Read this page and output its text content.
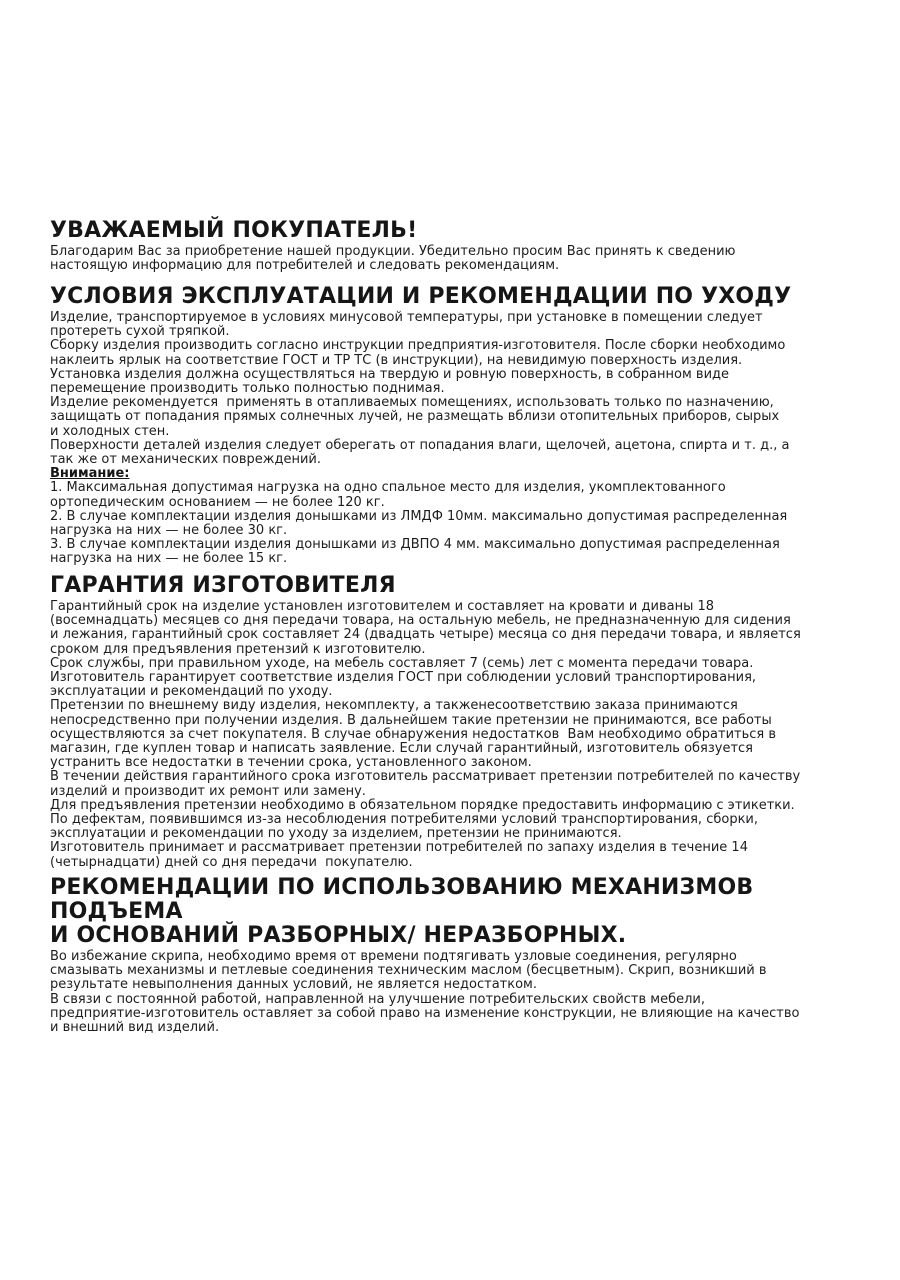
УВАЖАЕМЫЙ ПОКУПАТЕЛЬ!

Благодарим Вас за приобретение нашей продукции. Убедительно просим Вас принять к сведению
настоящую информацию для потребителей и следовать рекомендациям.

УСЛОВИЯ ЭКСПЛУАТАЦИИ И РЕКОМЕНДАЦИИ ПО УХОДУ

Изделие, транспортируемое в условиях минусовой температуры, при установке в помещении следует
протереть сухой тряпкой.
Сборку изделия производить согласно инструкции предприятия-изготовителя. После сборки необходимо
наклеить ярлык на соответствие ГОСТ и ТР ТС (в инструкции), на невидимую поверхность изделия.
Установка изделия должна осуществляться на твердую и ровную поверхность, в собранном виде
перемещение производить только полностью поднимая.
Изделие рекомендуется  применять в отапливаемых помещениях, использовать только по назначению,
защищать от попадания прямых солнечных лучей, не размещать вблизи отопительных приборов, сырых
и холодных стен.
Поверхности деталей изделия следует оберегать от попадания влаги, щелочей, ацетона, спирта и т. д., а
так же от механических повреждений.

Внимание:

1. Максимальная допустимая нагрузка на одно спальное место для изделия, укомплектованного
ортопедическим основанием — не более 120 кг.
2. В случае комплектации изделия донышками из ЛМДФ 10мм. максимально допустимая распределенная
нагрузка на них — не более 30 кг.
3. В случае комплектации изделия донышками из ДВПО 4 мм. максимально допустимая распределенная
нагрузка на них — не более 15 кг.

ГАРАНТИЯ ИЗГОТОВИТЕЛЯ

Гарантийный срок на изделие установлен изготовителем и составляет на кровати и диваны 18
(восемнадцать) месяцев со дня передачи товара, на остальную мебель, не предназначенную для сидения
и лежания, гарантийный срок составляет 24 (двадцать четыре) месяца со дня передачи товара, и является
сроком для предъявления претензий к изготовителю.
Срок службы, при правильном уходе, на мебель составляет 7 (семь) лет с момента передачи товара.
Изготовитель гарантирует соответствие изделия ГОСТ при соблюдении условий транспортирования,
эксплуатации и рекомендаций по уходу.
Претензии по внешнему виду изделия, некомплекту, а такженесоответствию заказа принимаются
непосредственно при получении изделия. В дальнейшем такие претензии не принимаются, все работы
осуществляются за счет покупателя. В случае обнаружения недостатков  Вам необходимо обратиться в
магазин, где куплен товар и написать заявление. Если случай гарантийный, изготовитель обязуется
устранить все недостатки в течении срока, установленного законом.
В течении действия гарантийного срока изготовитель рассматривает претензии потребителей по качеству
изделий и производит их ремонт или замену.
Для предъявления претензии необходимо в обязательном порядке предоставить информацию с этикетки.
По дефектам, появившимся из-за несоблюдения потребителями условий транспортирования, сборки,
эксплуатации и рекомендации по уходу за изделием, претензии не принимаются.
Изготовитель принимает и рассматривает претензии потребителей по запаху изделия в течение 14
(четырнадцати) дней со дня передачи  покупателю.

РЕКОМЕНДАЦИИ ПО ИСПОЛЬЗОВАНИЮ МЕХАНИЗМОВ ПОДЪЕМА
И ОСНОВАНИЙ РАЗБОРНЫХ/ НЕРАЗБОРНЫХ.

Во избежание скрипа, необходимо время от времени подтягивать узловые соединения, регулярно
смазывать механизмы и петлевые соединения техническим маслом (бесцветным). Скрип, возникший в
результате невыполнения данных условий, не является недостатком.
В связи с постоянной работой, направленной на улучшение потребительских свойств мебели,
предприятие-изготовитель оставляет за собой право на изменение конструкции, не влияющие на качество
и внешний вид изделий.
